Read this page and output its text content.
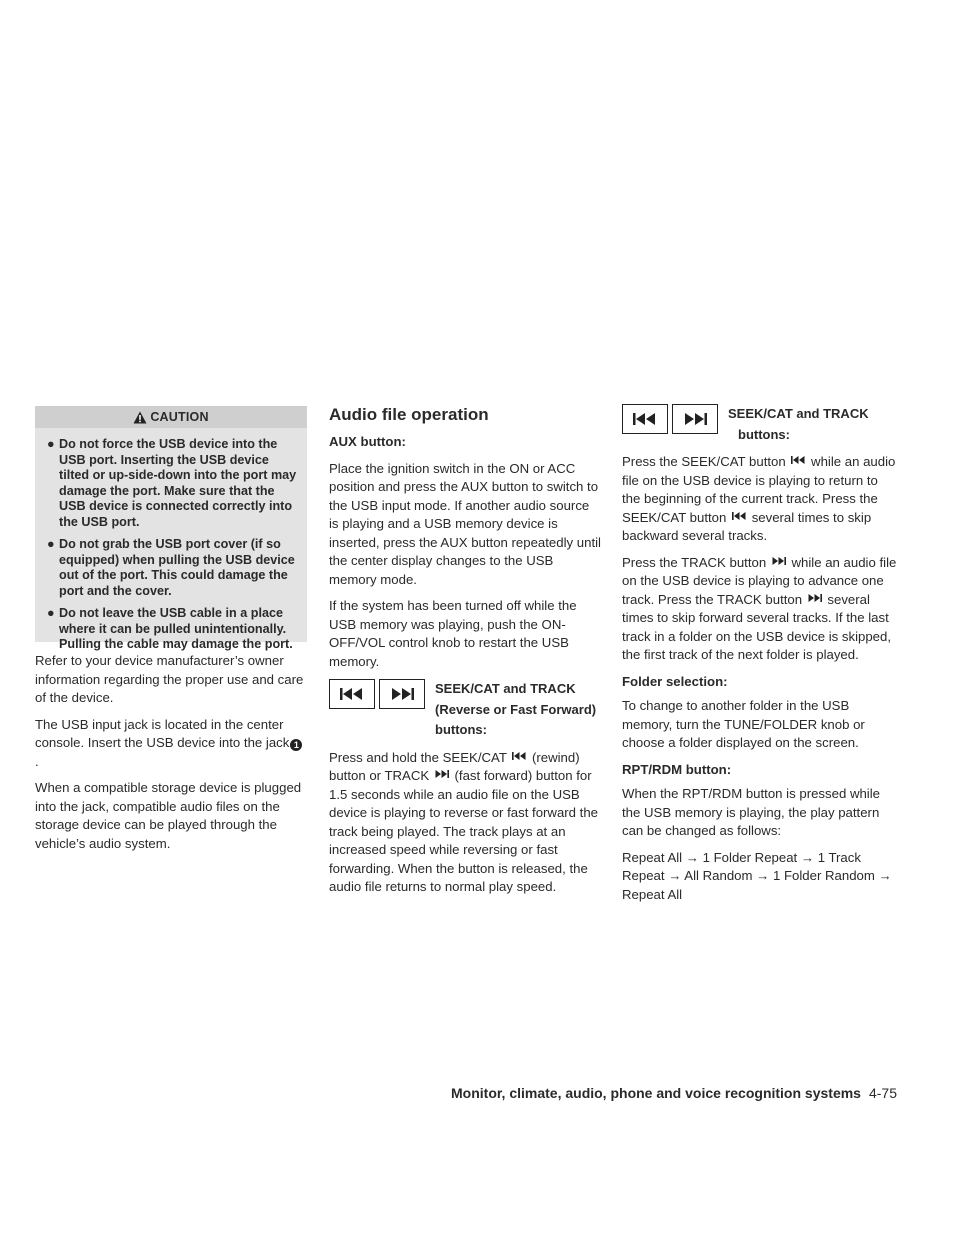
CAUTION
● Do not force the USB device into the USB port. Inserting the USB device tilted or up-side-down into the port may damage the port. Make sure that the USB device is connected correctly into the USB port.
● Do not grab the USB port cover (if so equipped) when pulling the USB device out of the port. This could damage the port and the cover.
● Do not leave the USB cable in a place where it can be pulled unintentionally. Pulling the cable may damage the port.

Refer to your device manufacturer’s owner information regarding the proper use and care of the device.

The USB input jack is located in the center console. Insert the USB device into the jack 1.

When a compatible storage device is plugged into the jack, compatible audio files on the storage device can be played through the vehicle’s audio system.

Audio file operation

AUX button:

Place the ignition switch in the ON or ACC position and press the AUX button to switch to the USB input mode. If another audio source is playing and a USB memory device is inserted, press the AUX button repeatedly until the center display changes to the USB memory mode.

If the system has been turned off while the USB memory was playing, push the ON-OFF/VOL control knob to restart the USB memory.

SEEK/CAT and TRACK
(Reverse or Fast Forward)
buttons:

Press and hold the SEEK/CAT (rewind) button or TRACK (fast forward) button for 1.5 seconds while an audio file on the USB device is playing to reverse or fast forward the track being played. The track plays at an increased speed while reversing or fast forwarding. When the button is released, the audio file returns to normal play speed.

SEEK/CAT and TRACK
buttons:

Press the SEEK/CAT button while an audio file on the USB device is playing to return to the beginning of the current track. Press the SEEK/CAT button several times to skip backward several tracks.

Press the TRACK button while an audio file on the USB device is playing to advance one track. Press the TRACK button several times to skip forward several tracks. If the last track in a folder on the USB device is skipped, the first track of the next folder is played.

Folder selection:

To change to another folder in the USB memory, turn the TUNE/FOLDER knob or choose a folder displayed on the screen.

RPT/RDM button:

When the RPT/RDM button is pressed while the USB memory is playing, the play pattern can be changed as follows:

Repeat All → 1 Folder Repeat → 1 Track Repeat → All Random → 1 Folder Random → Repeat All

Monitor, climate, audio, phone and voice recognition systems 4-75
